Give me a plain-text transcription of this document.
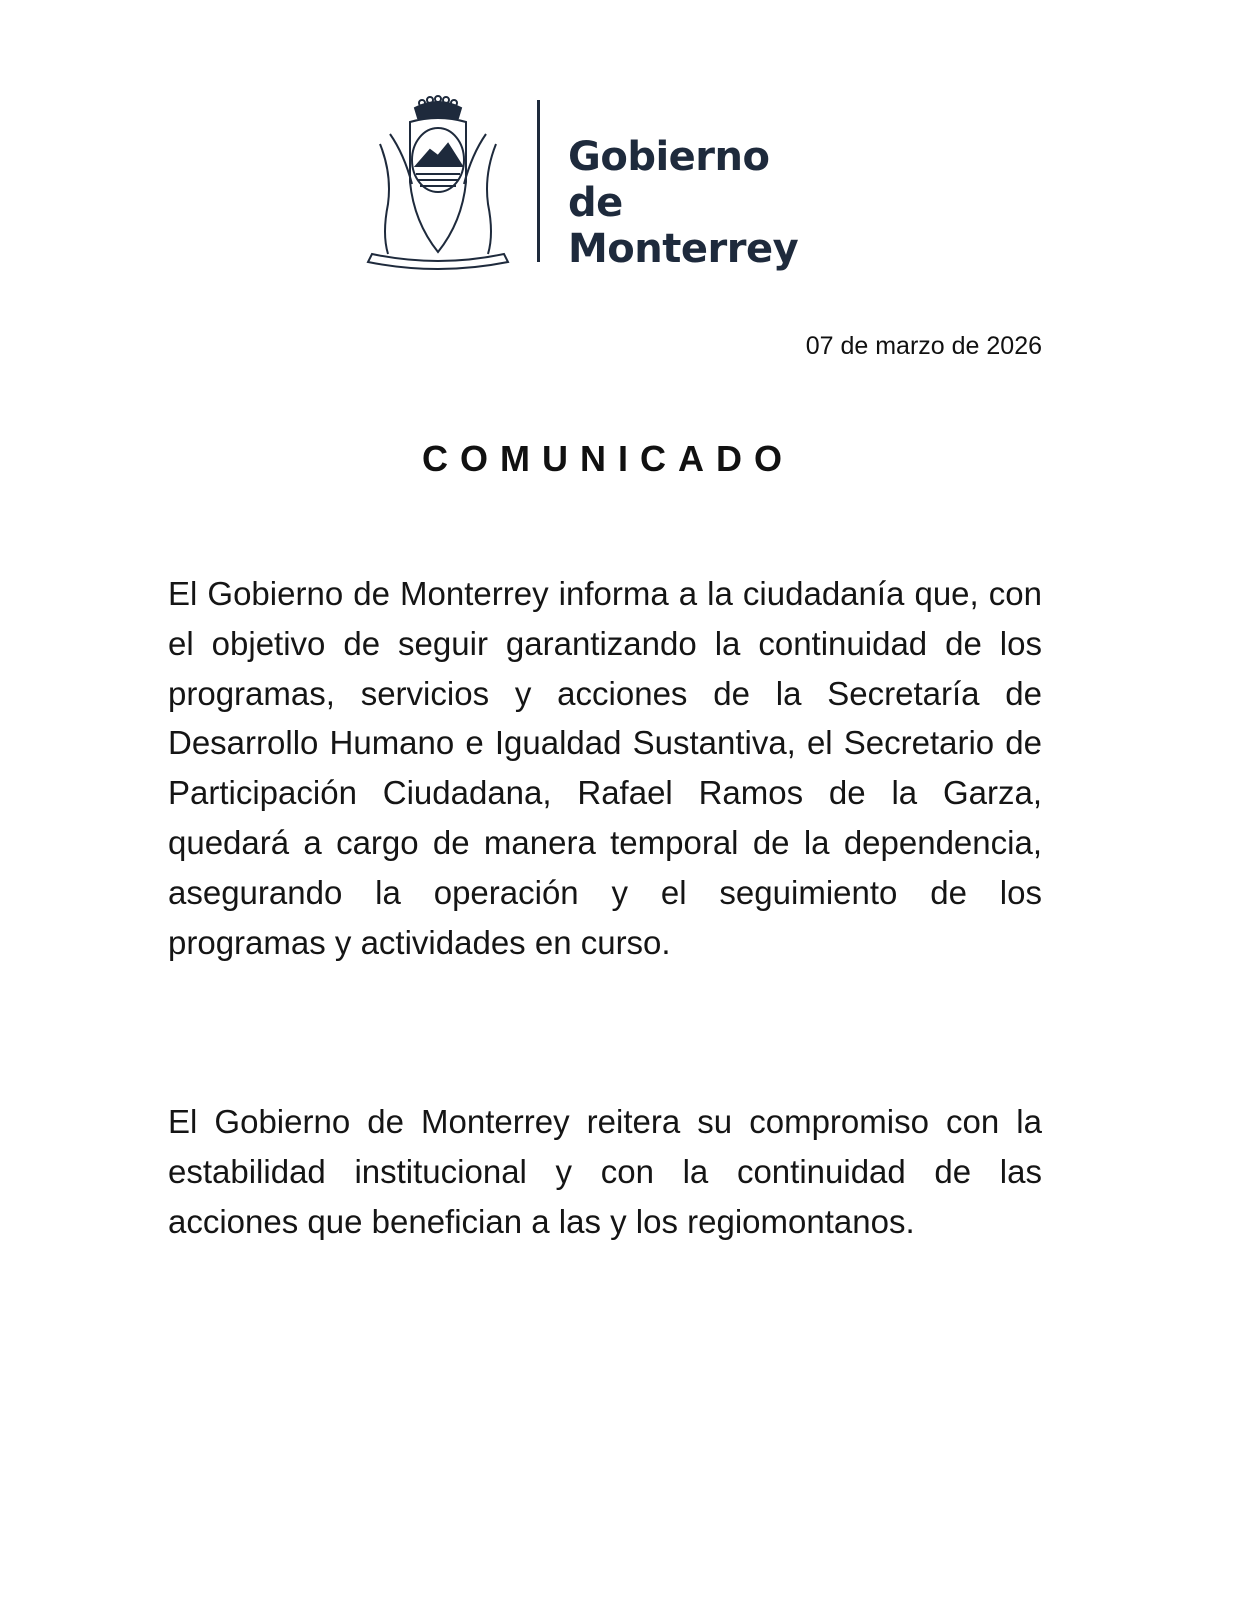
Gobierno
de Monterrey
07 de marzo de 2026
COMUNICADO
El Gobierno de Monterrey informa a la ciudadanía que, con el objetivo de seguir garantizando la continuidad de los programas, servicios y acciones de la Secretaría de Desarrollo Humano e Igualdad Sustantiva, el Secretario de Participación Ciudadana, Rafael Ramos de la Garza, quedará a cargo de manera temporal de la dependencia, asegurando la operación y el seguimiento de los programas y actividades en curso.
El Gobierno de Monterrey reitera su compromiso con la estabilidad institucional y con la continuidad de las acciones que benefician a las y los regiomontanos.
